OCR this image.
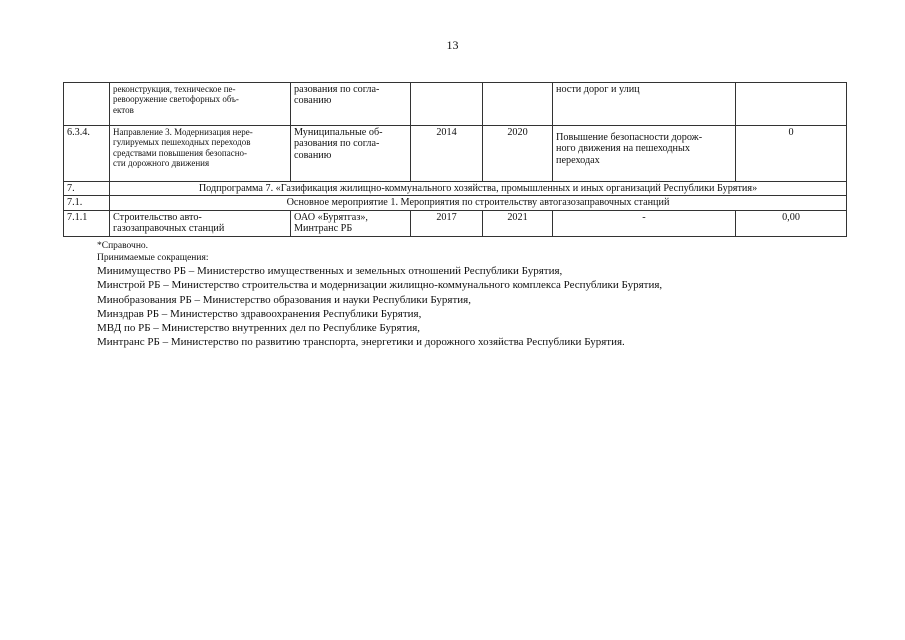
13
	реконструкция, техническое пе-
ревооружение светофорных объ-
ектов	разования по согла-
сованию			ности дорог и улиц	
6.3.4.	Направление 3. Модернизация нере-
гулируемых пешеходных переходов
средствами повышения безопасно-
сти дорожного движения	Муниципальные об-
разования по согла-
сованию	2014	2020	Повышение безопасности дорож-
ного движения на пешеходных
переходах	0
7.	Подпрограмма 7. «Газификация жилищно-коммунального хозяйства, промышленных и иных организаций Республики Бурятия»					
7.1.	Основное мероприятие 1. Мероприятия по строительству автогазозаправочных станций					
7.1.1	Строительство авто-
газозаправочных станций	ОАО «Бурятгаз»,
Минтранс РБ	2017	2021	-	0,00
*Справочно.
Принимаемые сокращения:
Минимущество РБ – Министерство имущественных и земельных отношений Республики Бурятия,
Минстрой РБ – Министерство строительства и модернизации жилищно-коммунального комплекса Республики Бурятия,
Минобразования РБ – Министерство образования и науки Республики Бурятия,
Минздрав РБ – Министерство здравоохранения Республики Бурятия,
МВД по РБ – Министерство внутренних дел по Республике Бурятия,
Минтранс РБ – Министерство по развитию транспорта, энергетики и дорожного хозяйства Республики Бурятия.
